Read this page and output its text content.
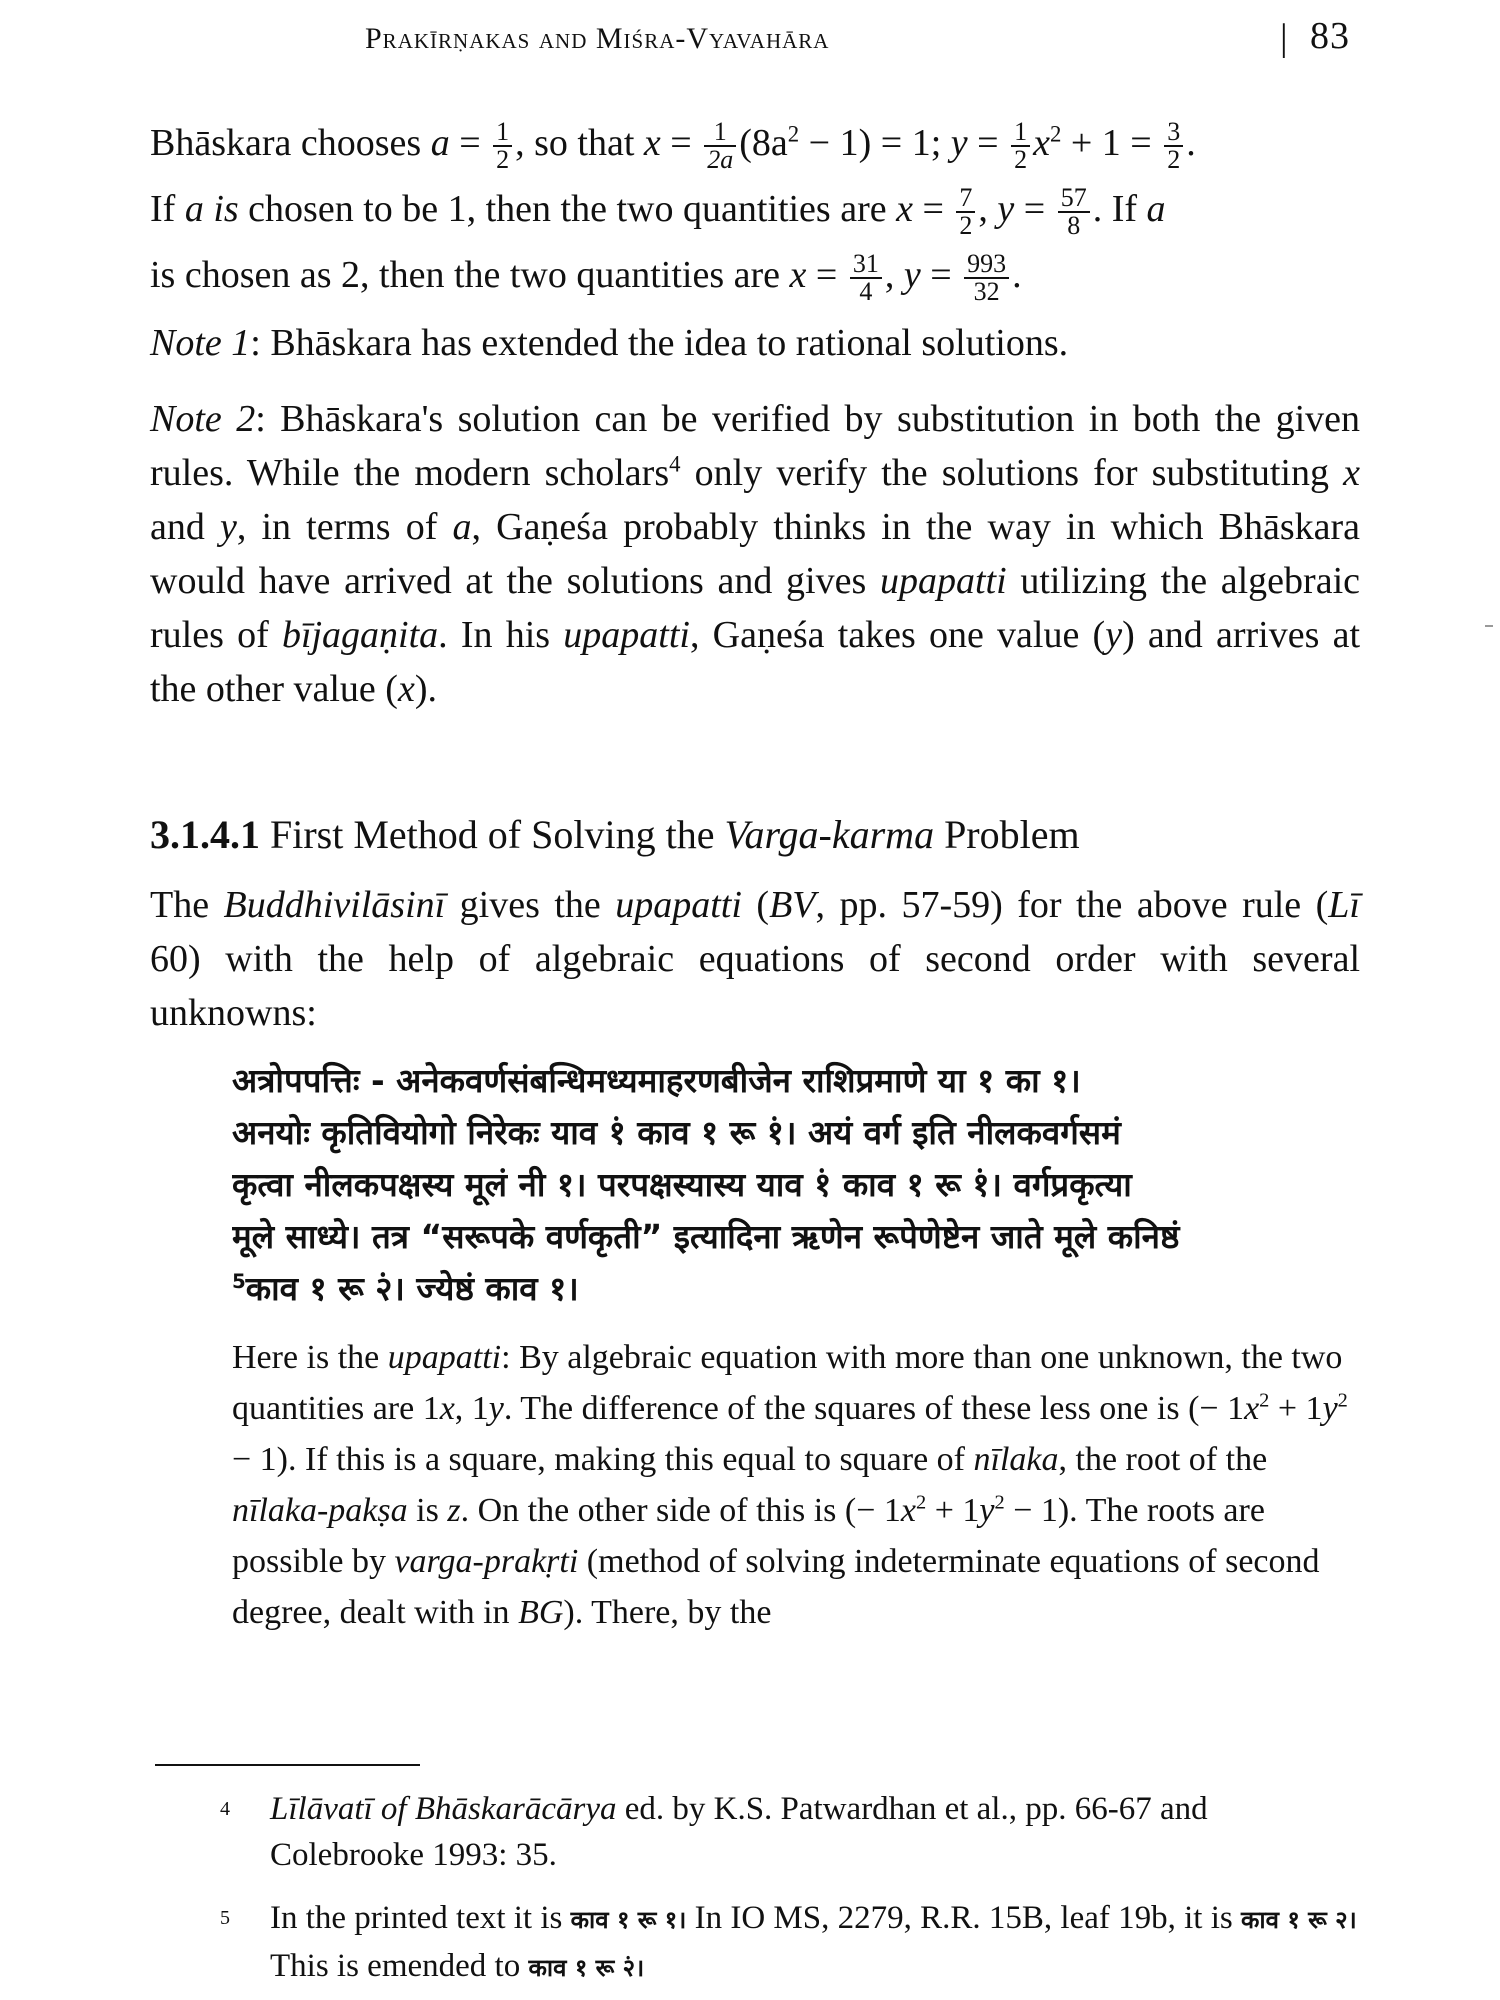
Prakīrṇakas and Miśra-Vyavahāra	| 83
Bhāskara chooses $a = \frac{1}{2}$ , so that $x = \frac{1}{2a} (8a^2 - 1) = 1$; $y = \frac{1}{2} x^2 + 1 = \frac{3}{2}$ .
If a is chosen to be 1, then the two quantities are $x = \frac{7}{2}$ , $y = \frac{57}{8}$ . If a
is chosen as 2, then the two quantities are $x = \frac{31}{4}$ , $y = \frac{993}{32}$ .
Note 1: Bhāskara has extended the idea to rational solutions.
Note 2: Bhāskara's solution can be verified by substitution in both the given rules. While the modern scholars$^4$ only verify the solutions for substituting x and y, in terms of a, Gaṇeśa probably thinks in the way in which Bhāskara would have arrived at the solutions and gives upapatti utilizing the algebraic rules of bījagaṇita. In his upapatti, Gaṇeśa takes one value (y) and arrives at the other value (x).
3.1.4.1 First Method of Solving the Varga-karma Problem
The Buddhivilāsinī gives the upapatti (BV, pp. 57-59) for the above rule (Lī 60) with the help of algebraic equations of second order with several unknowns:
अत्रोपपत्तिः - अनेकवर्णसंबन्धिमध्यमाहरणबीजेन राशिप्रमाणे या १ का १।
अनयोः कृतिवियोगो निरेकः याव १̇ काव १ रू १̇। अयं वर्ग इति नीलकवर्गसमं
कृत्वा नीलकपक्षस्य मूलं नी १। परपक्षस्यास्य याव १̇ काव १ रू १̇। वर्गप्रकृत्या
मूले साध्ये। तत्र “सरूपके वर्णकृती” इत्यादिना ऋणेन रूपेणेष्टेन जाते मूले कनिष्ठं
$^5$काव १ रू २̇। ज्येष्ठं काव १।
Here is the upapatti: By algebraic equation with more than one unknown, the two quantities are 1x, 1y. The difference of the squares of these less one is (− $1x^2 + 1y^2 - 1$). If this is a square, making this equal to square of nīlaka, the root of the nīlaka-pakṣa is z. On the other side of this is (− $1x^2 + 1y^2 - 1$). The roots are possible by varga-prakṛti (method of solving indeterminate equations of second degree, dealt with in BG). There, by the
4 Līlāvatī of Bhāskarācārya ed. by K.S. Patwardhan et al., pp. 66-67 and Colebrooke 1993: 35.
5 In the printed text it is काव १ रू १। In IO MS, 2279, R.R. 15B, leaf 19b, it is काव १ रू २। This is emended to काव १ रू २̇।
